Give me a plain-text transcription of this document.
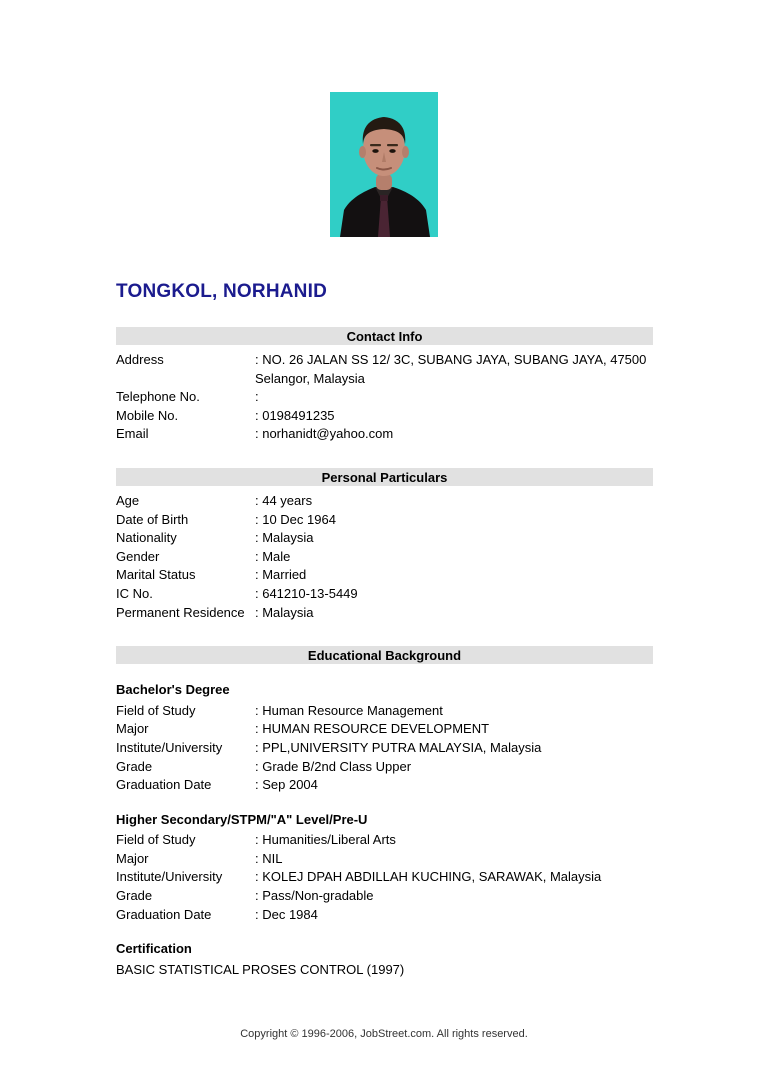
TONGKOL, NORHANID
Contact Info
Address	: NO. 26 JALAN SS 12/ 3C, SUBANG JAYA, SUBANG JAYA, 47500 Selangor, Malaysia
Telephone No.	:
Mobile No.	: 0198491235
Email	: norhanidt@yahoo.com
Personal Particulars
Age	: 44 years
Date of Birth	: 10 Dec 1964
Nationality	: Malaysia
Gender	: Male
Marital Status	: Married
IC No.	: 641210-13-5449
Permanent Residence : Malaysia
Educational Background
Bachelor's Degree
Field of Study	: Human Resource Management
Major	: HUMAN RESOURCE DEVELOPMENT
Institute/University	: PPL,UNIVERSITY PUTRA MALAYSIA, Malaysia
Grade	: Grade B/2nd Class Upper
Graduation Date	: Sep 2004
Higher Secondary/STPM/"A" Level/Pre-U
Field of Study	: Humanities/Liberal Arts
Major	: NIL
Institute/University	: KOLEJ DPAH ABDILLAH KUCHING, SARAWAK, Malaysia
Grade	: Pass/Non-gradable
Graduation Date	: Dec 1984
Certification
BASIC STATISTICAL PROSES CONTROL (1997)
Copyright © 1996-2006, JobStreet.com. All rights reserved.
